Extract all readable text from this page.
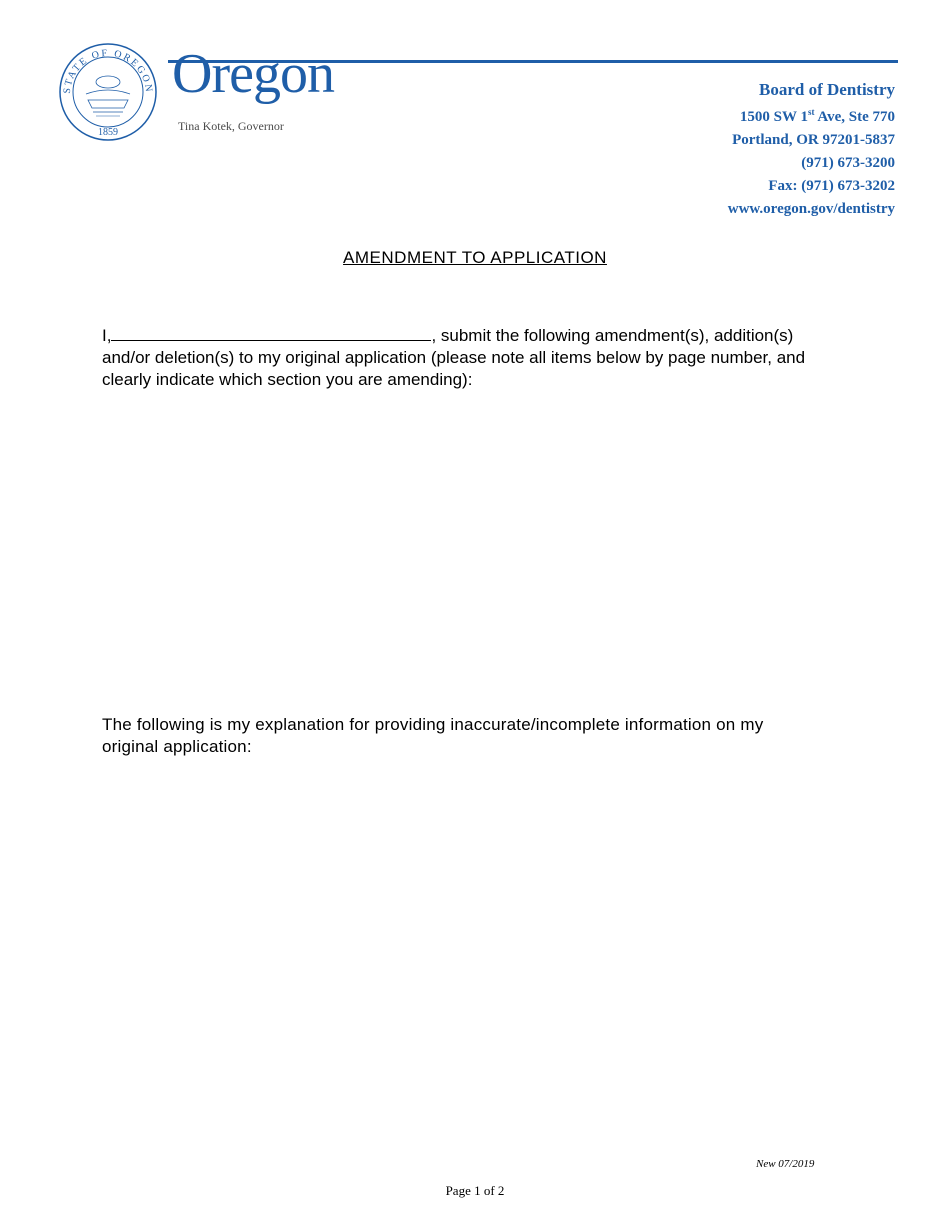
STATE OF OREGON
1859
Oregon
Tina Kotek, Governor
Board of Dentistry
1500 SW 1st Ave, Ste 770
Portland, OR 97201-5837
(971) 673-3200
Fax: (971) 673-3202
www.oregon.gov/dentistry
AMENDMENT TO APPLICATION
I,	, submit the following amendment(s), addition(s) and/or deletion(s) to my original application (please note all items below by page number, and clearly indicate which section you are amending):
The following is my explanation for providing inaccurate/incomplete information on my original application:
New 07/2019
Page 1 of 2
